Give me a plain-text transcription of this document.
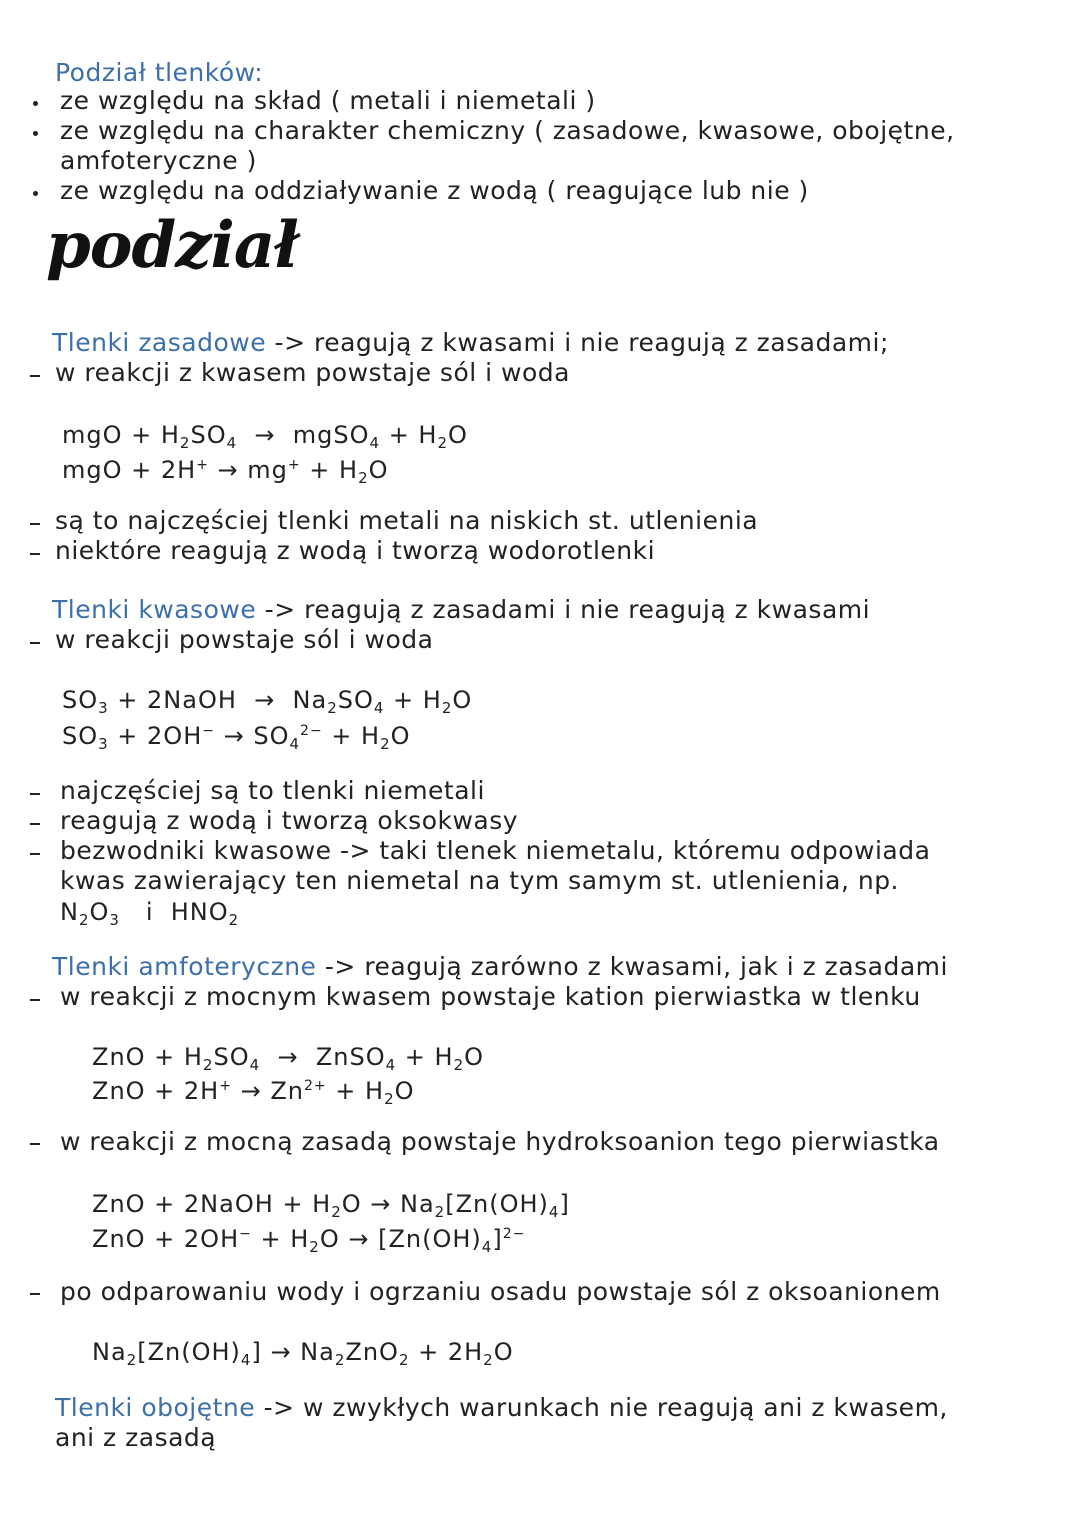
Podział tlenków:
ze względu na skład ( metali i niemetali )
ze względu na charakter chemiczny ( zasadowe, kwasowe, obojętne,
amfoteryczne )
ze względu na oddziaływanie z wodą ( reagujące lub nie )
podział
Tlenki zasadowe -> reagują z kwasami i nie reagują z zasadami;
w reakcji z kwasem powstaje sól i woda
mgO + $H_2SO_4$  →  mgSO$_4$ + $H_2O$
mgO + $2H^+ \to mg^+ + H_2O$
są to najczęściej tlenki metali na niskich st. utlenienia
niektóre reagują z wodą i tworzą wodorotlenki
Tlenki kwasowe -> reagują z zasadami i nie reagują z kwasami
w reakcji powstaje sól i woda
$SO_3$ + 2NaOH  →  $Na_2SO_4 + H_2O$
$SO_3 + 2OH^- \to SO_4^{2-} + H_2O$
najczęściej są to tlenki niemetali
reagują z wodą i tworzą oksokwasy
bezwodniki kwasowe -> taki tlenek niemetalu, któremu odpowiada
kwas zawierający ten niemetal na tym samym st. utlenienia, np.
$N_2O_3$   i  $HNO_2$
Tlenki amfoteryczne -> reagują zarówno z kwasami, jak i z zasadami
w reakcji z mocnym kwasem powstaje kation pierwiastka w tlenku
ZnO + $H_2SO_4$  →  ZnSO$_4$ + $H_2O$
ZnO + $2H^+ \to Zn^{2+} + H_2O$
w reakcji z mocną zasadą powstaje hydroksoanion tego pierwiastka
ZnO + 2NaOH + $H_2O \to Na_2[Zn(OH)_4]$
ZnO + $2OH^- + H_2O \to [Zn(OH)_4]^{2-}$
po odparowaniu wody i ogrzaniu osadu powstaje sól z oksoanionem
$Na_2[Zn(OH)_4] \to Na_2ZnO_2 + 2H_2O$
Tlenki obojętne -> w zwykłych warunkach nie reagują ani z kwasem,
ani z zasadą
